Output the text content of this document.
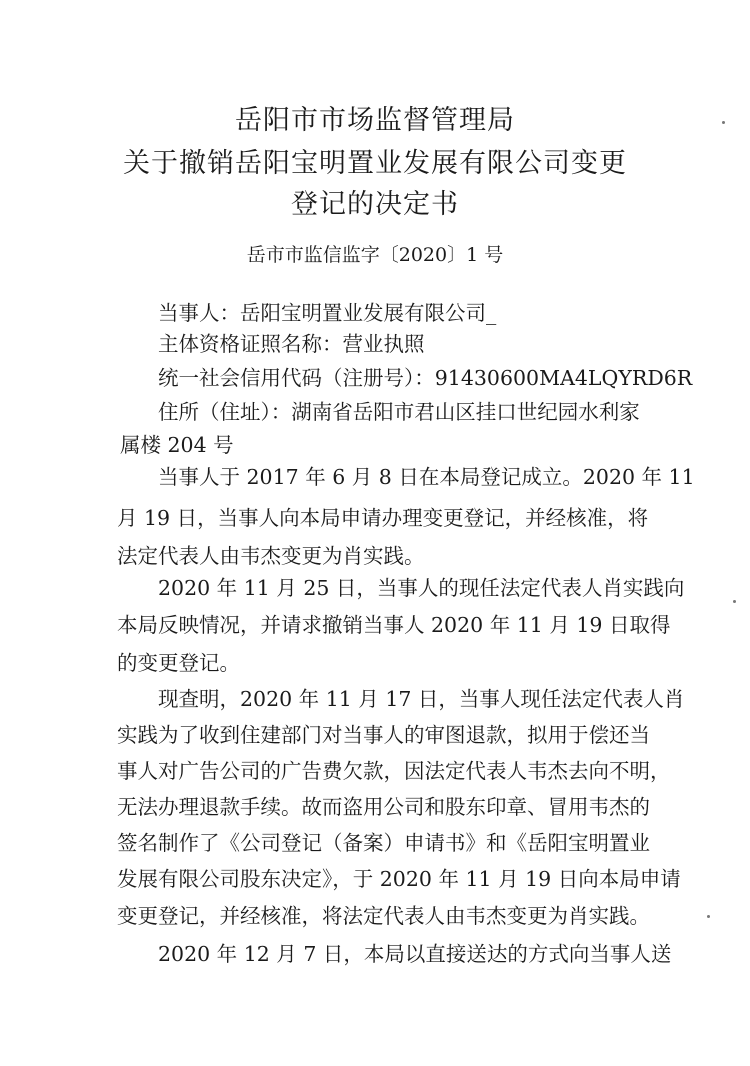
岳阳市市场监督管理局
关于撤销岳阳宝明置业发展有限公司变更
登记的决定书
岳市市监信监字〔2020〕1 号
当事人：岳阳宝明置业发展有限公司_
主体资格证照名称：营业执照
统一社会信用代码（注册号）：91430600MA4LQYRD6R
住所（住址）：湖南省岳阳市君山区挂口世纪园水利家
属楼 204 号
当事人于 2017 年 6 月 8 日在本局登记成立。2020 年 11
月 19 日，当事人向本局申请办理变更登记，并经核准，将
法定代表人由韦杰变更为肖实践。
2020 年 11 月 25 日，当事人的现任法定代表人肖实践向
本局反映情况，并请求撤销当事人 2020 年 11 月 19 日取得
的变更登记。
现查明，2020 年 11 月 17 日，当事人现任法定代表人肖
实践为了收到住建部门对当事人的审图退款，拟用于偿还当
事人对广告公司的广告费欠款，因法定代表人韦杰去向不明，
无法办理退款手续。故而盗用公司和股东印章、冒用韦杰的
签名制作了《公司登记（备案）申请书》和《岳阳宝明置业
发展有限公司股东决定》，于 2020 年 11 月 19 日向本局申请
变更登记，并经核准，将法定代表人由韦杰变更为肖实践。
2020 年 12 月 7 日，本局以直接送达的方式向当事人送
